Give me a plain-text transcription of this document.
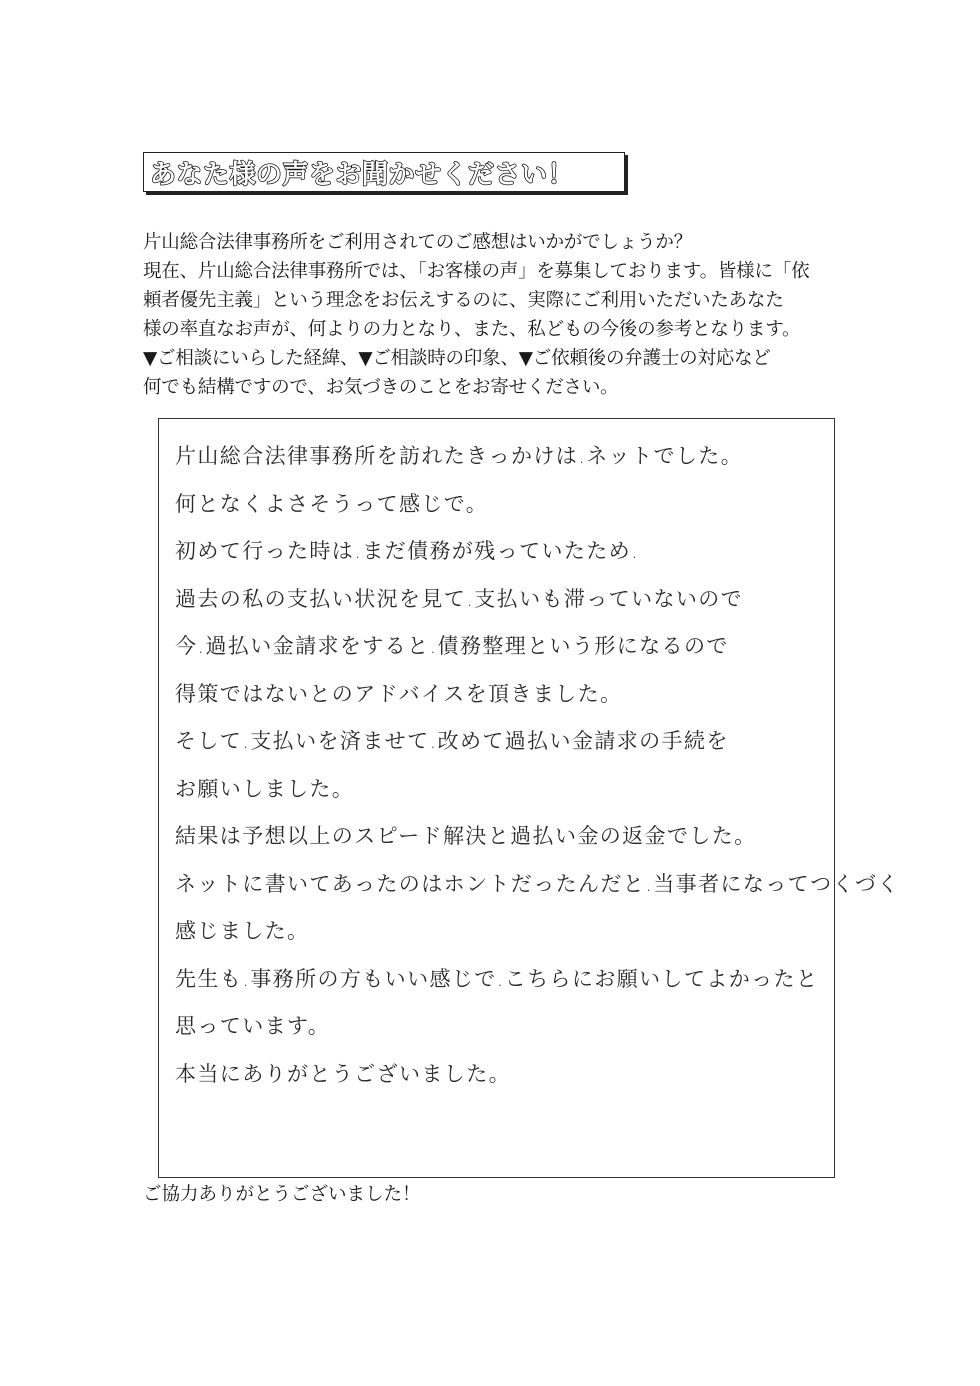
あなた様の声をお聞かせください！
片山総合法律事務所をご利用されてのご感想はいかがでしょうか？
現在、片山総合法律事務所では、「お客様の声」を募集しております。皆様に「依
頼者優先主義」という理念をお伝えするのに、実際にご利用いただいたあなた
様の率直なお声が、何よりの力となり、また、私どもの今後の参考となります。
▼ご相談にいらした経緯、▼ご相談時の印象、▼ご依頼後の弁護士の対応など
何でも結構ですので、お気づきのことをお寄せください。
片山総合法律事務所を訪れたきっかけは.ネットでした。
何となくよさそうって感じで。
初めて行った時は.まだ債務が残っていたため.
過去の私の支払い状況を見て.支払いも滞っていないので
今.過払い金請求をすると.債務整理という形になるので
得策ではないとのアドバイスを頂きました。
そして.支払いを済ませて.改めて過払い金請求の手続を
お願いしました。
結果は予想以上のスピード解決と過払い金の返金でした。
ネットに書いてあったのはホントだったんだと.当事者になってつくづく
感じました。
先生も.事務所の方もいい感じで.こちらにお願いしてよかったと
思っています。
本当にありがとうございました。
ご協力ありがとうございました！
